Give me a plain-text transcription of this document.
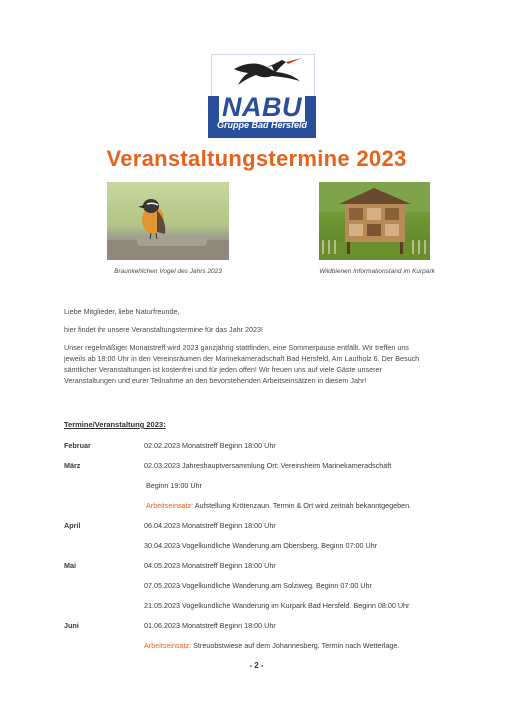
NABU
Gruppe Bad Hersfeld
Veranstaltungstermine 2023
Braunkehlchen Vogel des Jahrs 2023	Wildbienen Informationstand im Kurpark
Liebe Mitglieder, liebe Naturfreunde,
hier findet ihr unsere Veranstaltungstermine für das Jahr 2023!
Unser regelmäßiger Monatstreff wird 2023 ganzjährig stattfinden, eine Sommerpause entfällt. Wir treffen uns
jeweils ab 18:00 Uhr in den Vereinsräumen der Marinekameradschaft Bad Hersfeld, Am Laufholz 6. Der Besuch
sämtlicher Veranstaltungen ist kostenfrei und für jeden offen! Wir freuen uns auf viele Gäste unserer
Veranstaltungen und eurer Teilnahme an den bevorstehenden Arbeitseinsätzen in diesem Jahr!
Termine/Veranstaltung 2023:
Februar	02.02.2023 Monatstreff Beginn 18:00 Uhr
März	02.03.2023 Jahreshauptversammlung Ort: Vereinsheim Marinekameradschaft
Beginn 19:00 Uhr
Arbeitseinsatz: Aufstellung Krötenzaun. Termin & Ort wird zeitnah bekanntgegeben.
April	06.04.2023 Monatstreff Beginn 18:00 Uhr
30.04.2023 Vogelkundliche Wanderung am Obersberg. Beginn 07:00 Uhr
Mai	04.05.2023 Monatstreff Beginn 18:00 Uhr
07.05.2023 Vogelkundliche Wanderung am Solziweg. Beginn 07:00 Uhr
21.05.2023 Vogelkundliche Wanderung im Kurpark Bad Hersfeld. Beginn 08:00 Uhr
Juni	01.06.2023 Monatstreff Beginn 18:00 Uhr
Arbeitseinsatz: Streuobstwiese auf dem Johannesberg. Termin nach Wetterlage.
- 2 -
